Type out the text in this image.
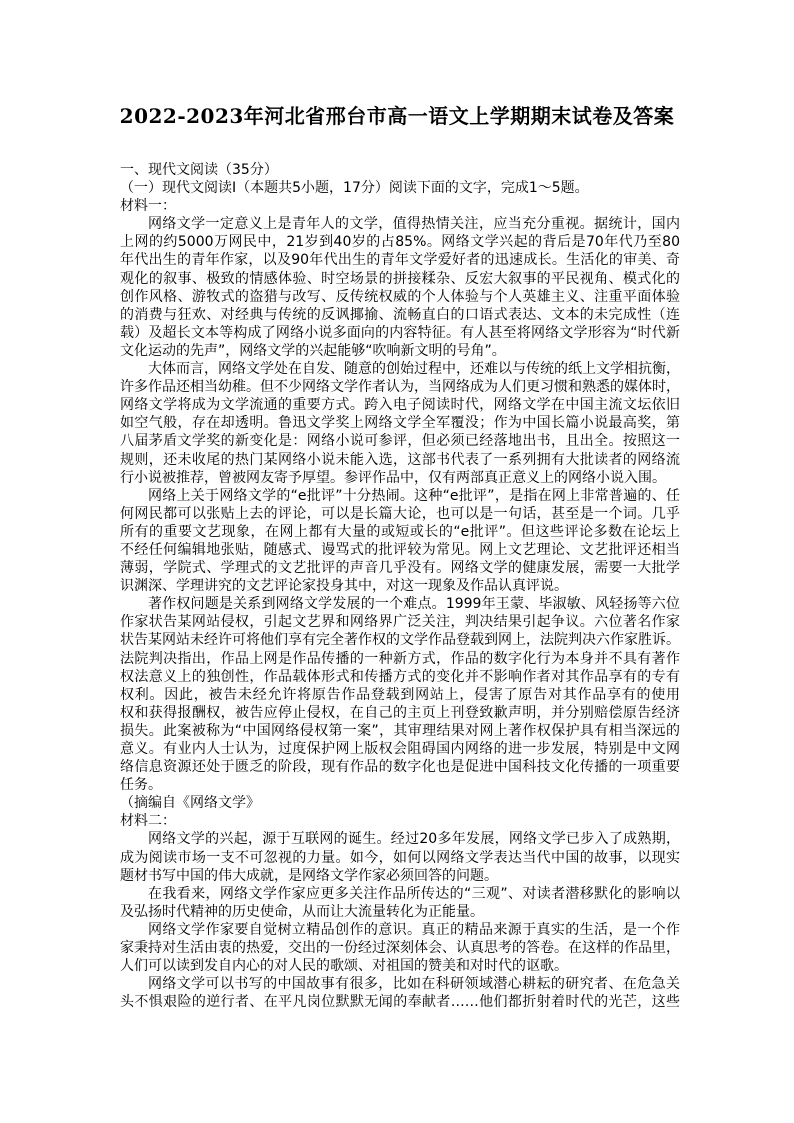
2022-2023年河北省邢台市高一语文上学期期末试卷及答案
一、现代文阅读（35分）
（一）现代文阅读Ⅰ（本题共5小题，17分）阅读下面的文字，完成1～5题。
材料一：
网络文学一定意义上是青年人的文学，值得热情关注，应当充分重视。据统计，国内
上网的约5000万网民中，21岁到40岁的占85%。网络文学兴起的背后是70年代乃至80
年代出生的青年作家，以及90年代出生的青年文学爱好者的迅速成长。生活化的审美、奇
观化的叙事、极致的情感体验、时空场景的拼接糅杂、反宏大叙事的平民视角、模式化的
创作风格、游牧式的盗猎与改写、反传统权威的个人体验与个人英雄主义、注重平面体验
的消费与狂欢、对经典与传统的反讽揶揄、流畅直白的口语式表达、文本的未完成性（连
载）及超长文本等构成了网络小说多面向的内容特征。有人甚至将网络文学形容为“时代新
文化运动的先声”，网络文学的兴起能够“吹响新文明的号角”。
大体而言，网络文学处在自发、随意的创始过程中，还难以与传统的纸上文学相抗衡，
许多作品还相当幼稚。但不少网络文学作者认为，当网络成为人们更习惯和熟悉的媒体时，
网络文学将成为文学流通的重要方式。跨入电子阅读时代，网络文学在中国主流文坛依旧
如空气般，存在却透明。鲁迅文学奖上网络文学全军覆没；作为中国长篇小说最高奖，第
八届茅盾文学奖的新变化是：网络小说可参评，但必须已经落地出书，且出全。按照这一
规则，还未收尾的热门某网络小说未能入选，这部书代表了一系列拥有大批读者的网络流
行小说被推荐，曾被网友寄予厚望。参评作品中，仅有两部真正意义上的网络小说入围。
网络上关于网络文学的“e批评”十分热闹。这种“e批评”，是指在网上非常普遍的、任
何网民都可以张贴上去的评论，可以是长篇大论，也可以是一句话，甚至是一个词。几乎
所有的重要文艺现象，在网上都有大量的或短或长的“e批评”。但这些评论多数在论坛上
不经任何编辑地张贴，随感式、谩骂式的批评较为常见。网上文艺理论、文艺批评还相当
薄弱，学院式、学理式的文艺批评的声音几乎没有。网络文学的健康发展，需要一大批学
识渊深、学理讲究的文艺评论家投身其中，对这一现象及作品认真评说。
著作权问题是关系到网络文学发展的一个难点。1999年王蒙、毕淑敏、风轻扬等六位
作家状告某网站侵权，引起文艺界和网络界广泛关注，判决结果引起争议。六位著名作家
状告某网站未经许可将他们享有完全著作权的文学作品登载到网上，法院判决六作家胜诉。
法院判决指出，作品上网是作品传播的一种新方式，作品的数字化行为本身并不具有著作
权法意义上的独创性，作品载体形式和传播方式的变化并不影响作者对其作品享有的专有
权利。因此，被告未经允许将原告作品登载到网站上，侵害了原告对其作品享有的使用
权和获得报酬权，被告应停止侵权，在自己的主页上刊登致歉声明，并分别赔偿原告经济
损失。此案被称为“中国网络侵权第一案”，其审理结果对网上著作权保护具有相当深远的
意义。有业内人士认为，过度保护网上版权会阻碍国内网络的进一步发展，特别是中文网
络信息资源还处于匮乏的阶段，现有作品的数字化也是促进中国科技文化传播的一项重要
任务。
（摘编自《网络文学》
材料二：
网络文学的兴起，源于互联网的诞生。经过20多年发展，网络文学已步入了成熟期，
成为阅读市场一支不可忽视的力量。如今，如何以网络文学表达当代中国的故事，以现实
题材书写中国的伟大成就，是网络文学作家必须回答的问题。
在我看来，网络文学作家应更多关注作品所传达的“三观”、对读者潜移默化的影响以
及弘扬时代精神的历史使命，从而让大流量转化为正能量。
网络文学作家要自觉树立精品创作的意识。真正的精品来源于真实的生活，是一个作
家秉持对生活由衷的热爱，交出的一份经过深刻体会、认真思考的答卷。在这样的作品里，
人们可以读到发自内心的对人民的歌颂、对祖国的赞美和对时代的讴歌。
网络文学可以书写的中国故事有很多，比如在科研领域潜心耕耘的研究者、在危急关
头不惧艰险的逆行者、在平凡岗位默默无闻的奉献者……他们都折射着时代的光芒，这些
